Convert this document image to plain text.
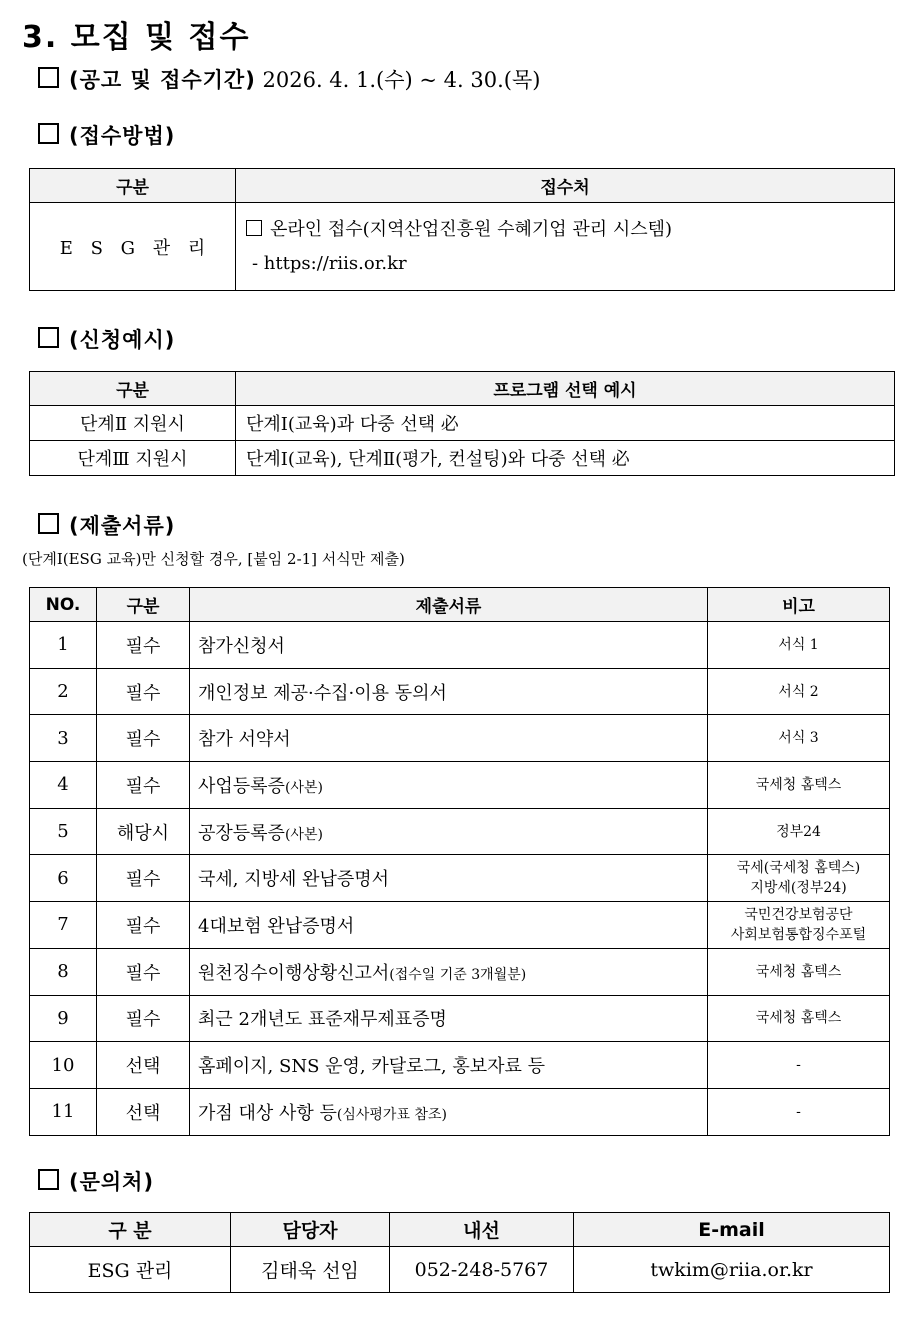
3. 모집 및 접수
(공고 및 접수기간) 2026. 4. 1.(수) ~ 4. 30.(목)
(접수방법)
구분	접수처
E S G 관 리	온라인 접수(지역산업진흥원 수혜기업 관리 시스템)
- https://riis.or.kr
(신청예시)
구분	프로그램 선택 예시
단계Ⅱ 지원시	단계Ⅰ(교육)과 다중 선택 必
단계Ⅲ 지원시	단계Ⅰ(교육), 단계Ⅱ(평가, 컨설팅)와 다중 선택 必
(제출서류)
(단계Ⅰ(ESG 교육)만 신청할 경우, [붙임 2-1] 서식만 제출)
NO.	구분	제출서류	비고
1	필수	참가신청서	서식 1

2	필수	개인정보 제공·수집·이용 동의서	서식 2

3	필수	참가 서약서	서식 3

4	필수	사업등록증(사본)	국세청 홈텍스

5	해당시	공장등록증(사본)	정부24

6	필수	국세, 지방세 완납증명서	국세(국세청 홈텍스)
지방세(정부24)

7	필수	4대보험 완납증명서	국민건강보험공단
사회보험통합징수포털

8	필수	원천징수이행상황신고서(접수일 기준 3개월분)	국세청 홈텍스

9	필수	최근 2개년도 표준재무제표증명	국세청 홈텍스

10	선택	홈페이지, SNS 운영, 카달로그, 홍보자료 등	-

11	선택	가점 대상 사항 등(심사평가표 참조)	-
(문의처)
구 분	담당자	내선	E-mail
ESG 관리	김태욱 선임	052-248-5767	twkim@riia.or.kr
